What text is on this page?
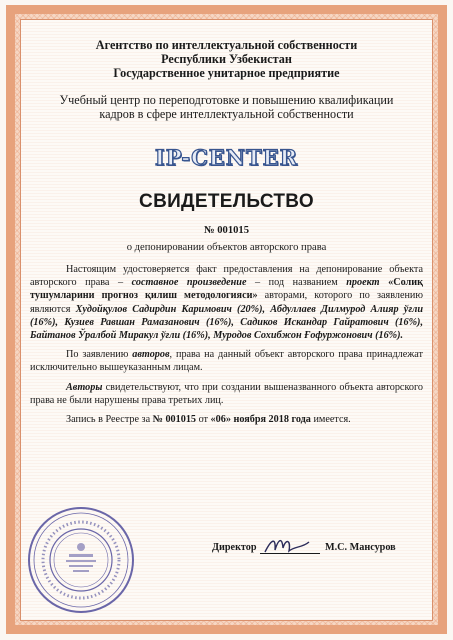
Агентство по интеллектуальной собственности
Республики Узбекистан
Государственное унитарное предприятие
Учебный центр по переподготовке и повышению квалификации
кадров в сфере интеллектуальной собственности
IP-CENTER
СВИДЕТЕЛЬСТВО
№ 001015
о депонировании объектов авторского права

Настоящим удостоверяется факт предоставления на депонирование объекта авторского права – составное произведение – под названием проект «Солиқ тушумларини прогноз қилиш методологияси» авторами, которого по заявлению являются Худойқулов Садирдин Каримович (20%), Абдуллаев Дилмурод Алияр ўғли (16%), Кузиев Равшан Рамазанович (16%), Садиков Искандар Гайратович (16%), Байтанов Ўралбой Миракул ўғли (16%), Муродов Сохибжон Ғофуржонович (16%).

По заявлению авторов, права на данный объект авторского права принадлежат исключительно вышеуказанным лицам.

Авторы свидетельствуют, что при создании вышеназванного объекта авторского права не были нарушены права третьих лиц.

Запись в Реестре за № 001015 от «06» ноября 2018 года имеется.

Директор	М.С. Мансуров
